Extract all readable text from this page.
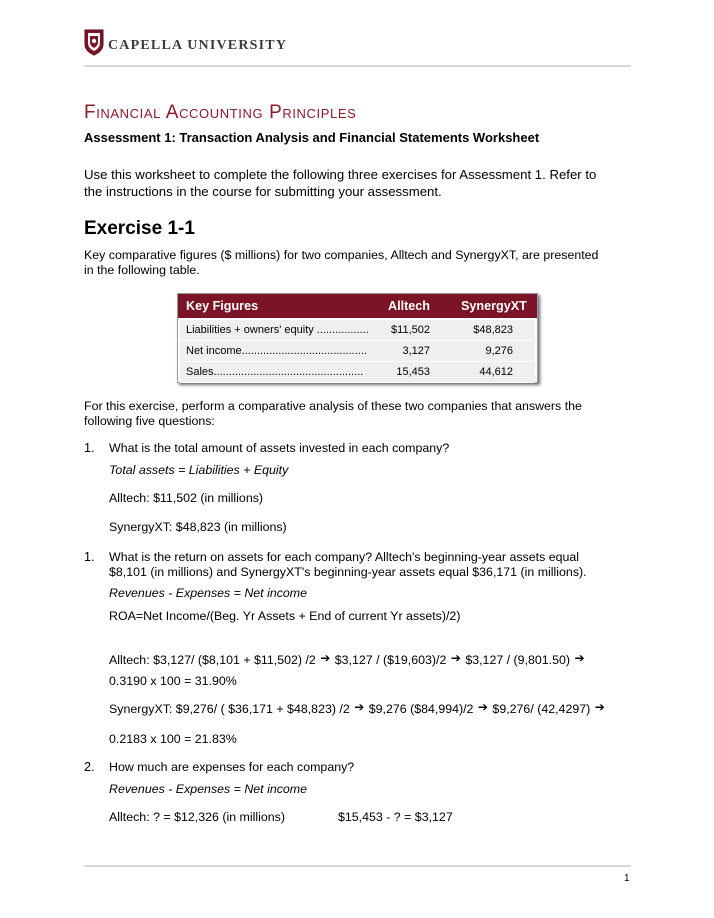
CAPELLA UNIVERSITY
Financial Accounting Principles
Assessment 1: Transaction Analysis and Financial Statements Worksheet
Use this worksheet to complete the following three exercises for Assessment 1. Refer to
the instructions in the course for submitting your assessment.
Exercise 1-1
Key comparative figures ($ millions) for two companies, Alltech and SynergyXT, are presented
in the following table.
Key Figures	Alltech SynergyXT
Liabilities + owners' equity ................. $11,502	$48,823
Net income.........................................	3,127	9,276
Sales.................................................	15,453	44,612
For this exercise, perform a comparative analysis of these two companies that answers the
following five questions:
1. What is the total amount of assets invested in each company?
Total assets = Liabilities + Equity
Alltech: $11,502 (in millions)
SynergyXT: $48,823 (in millions)
1. What is the return on assets for each company? Alltech's beginning-year assets equal
$8,101 (in millions) and SynergyXT's beginning-year assets equal $36,171 (in millions).
Revenues - Expenses = Net income
ROA=Net Income/(Beg. Yr Assets + End of current Yr assets)/2)
Alltech: $3,127/ ($8,101 + $11,502) /2 ➔ $3,127 / ($19,603)/2 ➔ $3,127 / (9,801.50) ➔
0.3190 x 100 = 31.90%
SynergyXT: $9,276/ ( $36,171 + $48,823) /2 ➔ $9,276 ($84,994)/2 ➔ $9,276/ (42,4297) ➔
0.2183 x 100 = 21.83%
2. How much are expenses for each company?
Revenues - Expenses = Net income
Alltech: ? = $12,326 (in millions)	$15,453 - ? = $3,127
1
